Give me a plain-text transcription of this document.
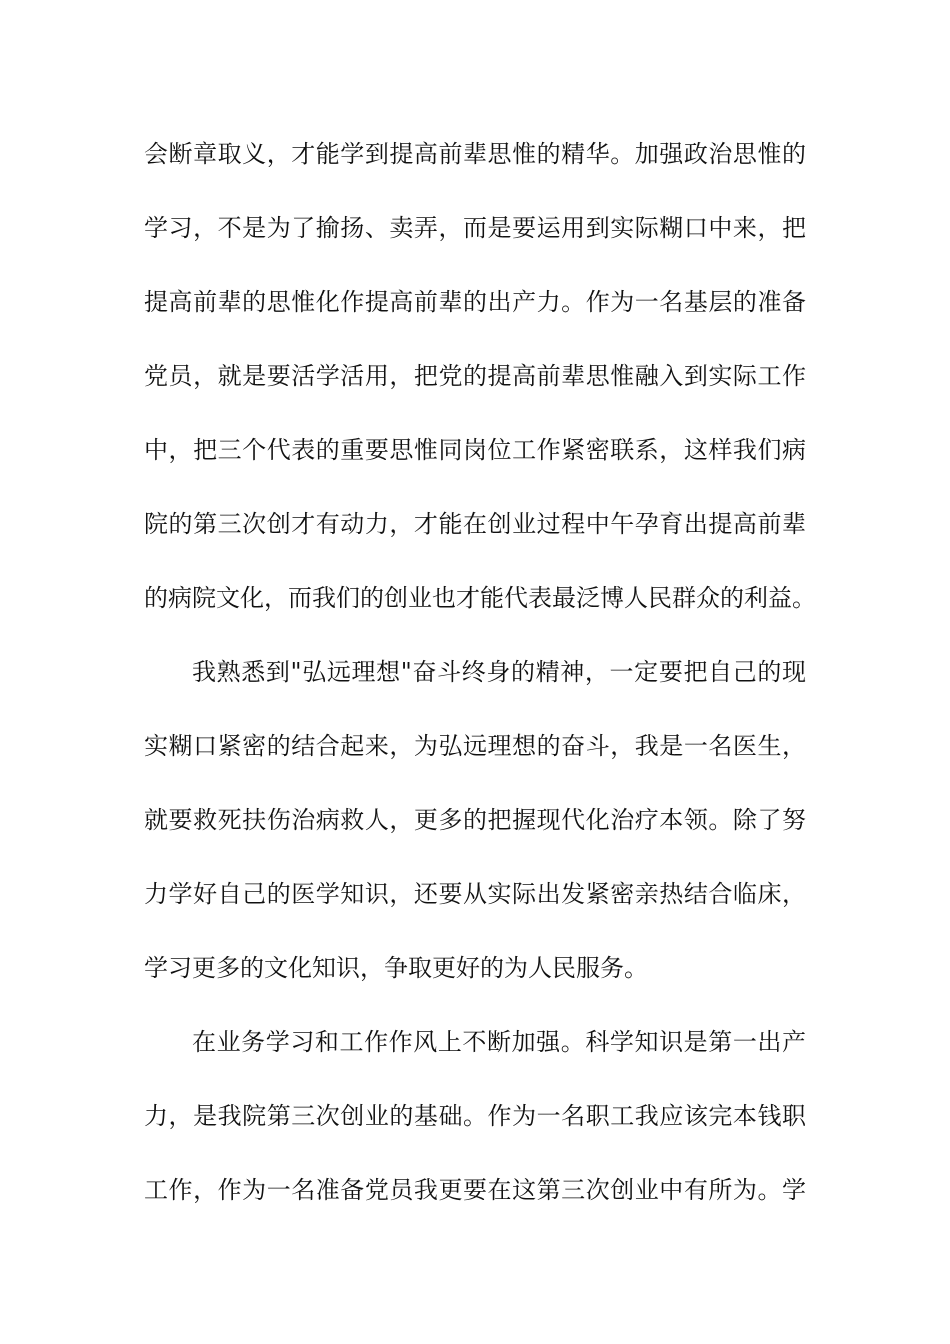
会断章取义，才能学到提高前辈思惟的精华。加强政治思惟的
学习，不是为了揄扬、卖弄，而是要运用到实际糊口中来，把
提高前辈的思惟化作提高前辈的出产力。作为一名基层的准备
党员，就是要活学活用，把党的提高前辈思惟融入到实际工作
中，把三个代表的重要思惟同岗位工作紧密联系，这样我们病
院的第三次创才有动力，才能在创业过程中午孕育出提高前辈
的病院文化，而我们的创业也才能代表最泛博人民群众的利益。
我熟悉到"弘远理想"奋斗终身的精神，一定要把自己的现
实糊口紧密的结合起来，为弘远理想的奋斗，我是一名医生，
就要救死扶伤治病救人，更多的把握现代化治疗本领。除了努
力学好自己的医学知识，还要从实际出发紧密亲热结合临床，
学习更多的文化知识，争取更好的为人民服务。
在业务学习和工作作风上不断加强。科学知识是第一出产
力，是我院第三次创业的基础。作为一名职工我应该完本钱职
工作，作为一名准备党员我更要在这第三次创业中有所为。学
